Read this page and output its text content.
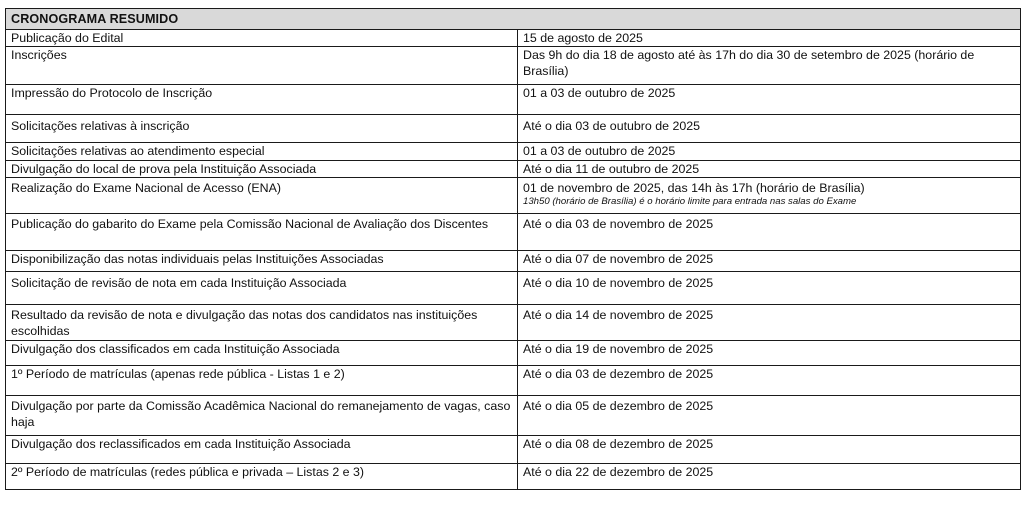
CRONOGRAMA RESUMIDO	
Publicação do Edital	15 de agosto de 2025
Inscrições	Das 9h do dia 18 de agosto até às 17h do dia 30 de setembro de 2025 (horário de Brasília)
Impressão do Protocolo de Inscrição	01 a 03 de outubro de 2025
Solicitações relativas à inscrição	Até o dia 03 de outubro de 2025
Solicitações relativas ao atendimento especial	01 a 03 de outubro de 2025
Divulgação do local de prova pela Instituição Associada	Até o dia 11 de outubro de 2025
Realização do Exame Nacional de Acesso (ENA)	01 de novembro de 2025, das 14h às 17h (horário de Brasília)
13h50 (horário de Brasília) é o horário limite para entrada nas salas do Exame

Publicação do gabarito do Exame pela Comissão Nacional de Avaliação dos Discentes	Até o dia 03 de novembro de 2025
Disponibilização das notas individuais pelas Instituições Associadas	Até o dia 07 de novembro de 2025
Solicitação de revisão de nota em cada Instituição Associada	Até o dia 10 de novembro de 2025
Resultado da revisão de nota e divulgação das notas dos candidatos nas instituições escolhidas	Até o dia 14 de novembro de 2025
Divulgação dos classificados em cada Instituição Associada	Até o dia 19 de novembro de 2025
1º Período de matrículas (apenas rede pública - Listas 1 e 2)	Até o dia 03 de dezembro de 2025
Divulgação por parte da Comissão Acadêmica Nacional do remanejamento de vagas, caso haja	Até o dia 05 de dezembro de 2025
Divulgação dos reclassificados em cada Instituição Associada	Até o dia 08 de dezembro de 2025
2º Período de matrículas (redes pública e privada – Listas 2 e 3)	Até o dia 22 de dezembro de 2025
